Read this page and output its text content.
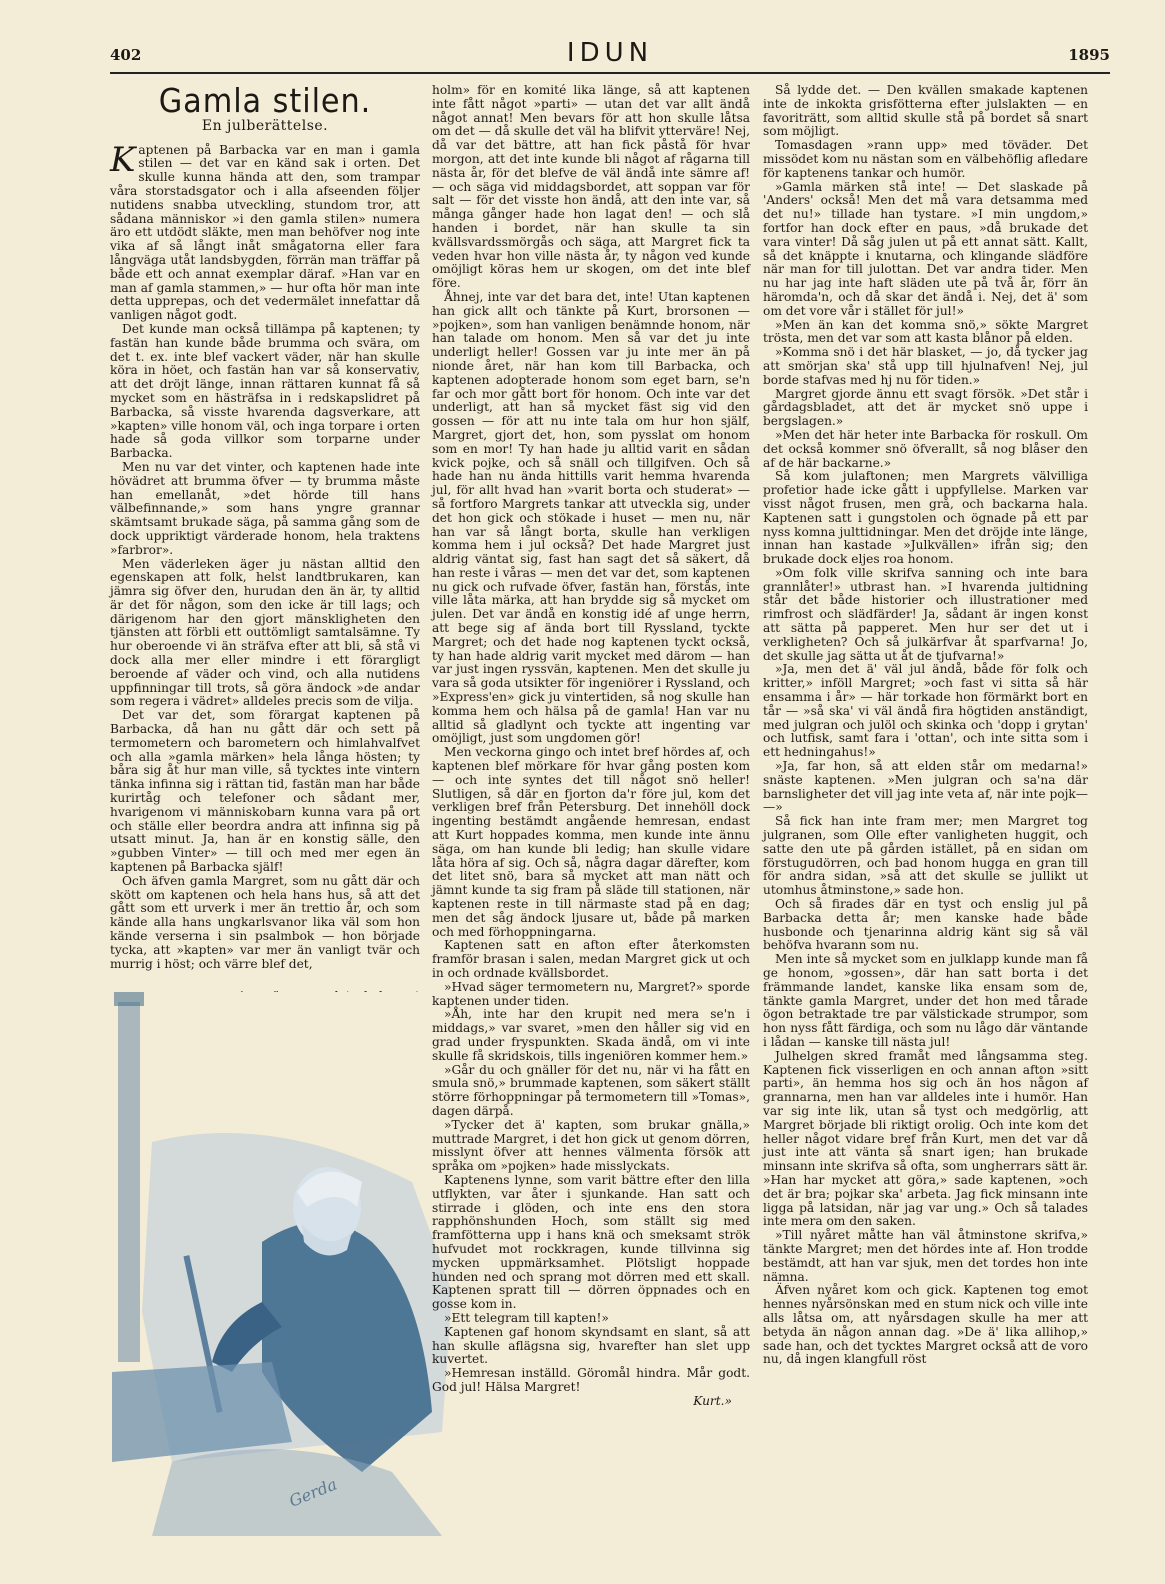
402	IDUN	1895
Gamla stilen.
En julberättelse.

Kaptenen på Barbacka var en man i gamla stilen — det var en känd sak i orten. Det skulle kunna hända att den, som trampar våra storstadsgator och i alla afseenden följer nutidens snabba utveckling, stundom tror, att sådana människor »i den gamla stilen» numera äro ett utdödt släkte, men man behöfver nog inte vika af så långt inåt smågatorna eller fara långväga utåt landsbygden, förrän man träffar på både ett och annat exemplar däraf. »Han var en man af gamla stammen,» — hur ofta hör man inte detta upprepas, och det vedermälet innefattar då vanligen något godt.

Det kunde man också tillämpa på kaptenen; ty fastän han kunde både brumma och svära, om det t. ex. inte blef vackert väder, när han skulle köra in höet, och fastän han var så konservativ, att det dröjt länge, innan rättaren kunnat få så mycket som en hästräfsa in i redskapslidret på Barbacka, så visste hvarenda dagsverkare, att »kapten» ville honom väl, och inga torpare i orten hade så goda villkor som torparne under Barbacka.

Men nu var det vinter, och kaptenen hade inte hövädret att brumma öfver — ty brumma måste han emellanåt, »det hörde till hans välbefinnande,» som hans yngre grannar skämtsamt brukade säga, på samma gång som de dock uppriktigt värderade honom, hela traktens »farbror».

Men väderleken äger ju nästan alltid den egenskapen att folk, helst landtbrukaren, kan jämra sig öfver den, hurudan den än är, ty alltid är det för någon, som den icke är till lags; och därigenom har den gjort mänskligheten den tjänsten att förbli ett outtömligt samtalsämne. Ty hur oberoende vi än sträfva efter att bli, så stå vi dock alla mer eller mindre i ett förargligt beroende af väder och vind, och alla nutidens uppfinningar till trots, så göra ändock »de andar som regera i vädret» alldeles precis som de vilja.

Det var det, som förargat kaptenen på Barbacka, då han nu gått där och sett på termometern och barometern och himlahvalfvet och alla »gamla märken» hela långa hösten; ty båra sig åt hur man ville, så tycktes inte vintern tänka infinna sig i rättan tid, fastän man har både kurirtåg och telefoner och sådant mer, hvarigenom vi människobarn kunna vara på ort och ställe eller beordra andra att infinna sig på utsatt minut. Ja, han är en konstig sälle, den »gubben Vinter» — till och med mer egen än kaptenen på Barbacka själf!

Och äfven gamla Margret, som nu gått där och skött om kaptenen och hela hans hus, så att det gått som ett urverk i mer än trettio år, och som kände alla hans ungkarlsvanor lika väl som hon kände verserna i sin psalmbok — hon började tycka, att »kapten» var mer än vanligt tvär och murrig i höst; och värre blef det,

Gerda

holm» för en komité lika länge, så att kaptenen inte fått något »parti» — utan det var allt ändå något annat! Men bevars för att hon skulle låtsa om det — då skulle det väl ha blifvit ytterväre! Nej, då var det bättre, att han fick påstå för hvar morgon, att det inte kunde bli något af rågarna till nästa år, för det blefve de väl ändå inte sämre af! — och säga vid middagsbordet, att soppan var för salt — för det visste hon ändå, att den inte var, så många gånger hade hon lagat den! — och slå handen i bordet, när han skulle ta sin kvällsvardssmörgås och säga, att Margret fick ta veden hvar hon ville nästa år, ty någon ved kunde omöjligt köras hem ur skogen, om det inte blef före.

Åhnej, inte var det bara det, inte! Utan kaptenen han gick allt och tänkte på Kurt, brorsonen — »pojken», som han vanligen benämnde honom, när han talade om honom. Men så var det ju inte underligt heller! Gossen var ju inte mer än på nionde året, när han kom till Barbacka, och kaptenen adopterade honom som eget barn, se'n far och mor gått bort för honom. Och inte var det underligt, att han så mycket fäst sig vid den gossen — för att nu inte tala om hur hon själf, Margret, gjort det, hon, som pysslat om honom som en mor! Ty han hade ju alltid varit en sådan kvick pojke, och så snäll och tillgifven. Och så hade han nu ända hittills varit hemma hvarenda jul, för allt hvad han »varit borta och studerat» — så fortforo Margrets tankar att utveckla sig, under det hon gick och stökade i huset — men nu, när han var så långt borta, skulle han verkligen komma hem i jul också? Det hade Margret just aldrig väntat sig, fast han sagt det så säkert, då han reste i våras — men det var det, som kaptenen nu gick och rufvade öfver, fastän han, förstås, inte ville låta märka, att han brydde sig så mycket om julen. Det var ändå en konstig idé af unge herrn, att bege sig af ända bort till Ryssland, tyckte Margret; och det hade nog kaptenen tyckt också, ty han hade aldrig varit mycket med därom — han var just ingen ryssvän, kaptenen. Men det skulle ju vara så goda utsikter för ingeniörer i Ryssland, och »Express'en» gick ju vintertiden, så nog skulle han komma hem och hälsa på de gamla! Han var nu alltid så gladlynt och tyckte att ingenting var omöjligt, just som ungdomen gör!

Men veckorna gingo och intet bref hördes af, och kaptenen blef mörkare för hvar gång posten kom — och inte syntes det till något snö heller! Slutligen, så där en fjorton da'r före jul, kom det verkligen bref från Petersburg. Det innehöll dock ingenting bestämdt angående hemresan, endast att Kurt hoppades komma, men kunde inte ännu säga, om han kunde bli ledig; han skulle vidare låta höra af sig. Och så, några dagar därefter, kom det litet snö, bara så mycket att man nätt och jämnt kunde ta sig fram på släde till stationen, när kaptenen reste in till närmaste stad på en dag; men det såg ändock ljusare ut, både på marken och med förhoppningarna.

Kaptenen satt en afton efter återkomsten framför brasan i salen, medan Margret gick ut och in och ordnade kvällsbordet.

»Hvad säger termometern nu, Margret?» sporde kaptenen under tiden.

»Åh, inte har den krupit ned mera se'n i middags,» var svaret, »men den håller sig vid en grad under fryspunkten. Skada ändå, om vi inte skulle få skridskois, tills ingeniören kommer hem.»

»Går du och gnäller för det nu, när vi ha fått en smula snö,» brummade kaptenen, som säkert ställt större förhoppningar på termometern till »Tomas», dagen därpå.

»Tycker det ä' kapten, som brukar gnälla,» muttrade Margret, i det hon gick ut genom dörren, misslynt öfver att hennes välmenta försök att språka om »pojken» hade misslyckats.

Kaptenens lynne, som varit bättre efter den lilla utflykten, var åter i sjunkande. Han satt och stirrade i glöden, och inte ens den stora rapphönshunden Hoch, som ställt sig med framfötterna upp i hans knä och smeksamt strök hufvudet mot rockkragen, kunde tillvinna sig mycken uppmärksamhet. Plötsligt hoppade hunden ned och sprang mot dörren med ett skall. Kaptenen spratt till — dörren öppnades och en gosse kom in.

»Ett telegram till kapten!»

Kaptenen gaf honom skyndsamt en slant, så att han skulle aflägsna sig, hvarefter han slet upp kuvertet.

»Hemresan inställd. Göromål hindra. Mår godt. God jul! Hälsa Margret!

Kurt.»

Så lydde det. — Den kvällen smakade kaptenen inte de inkokta grisfötterna efter julslakten — en favoriträtt, som alltid skulle stå på bordet så snart som möjligt.

Tomasdagen »rann upp» med töväder. Det missödet kom nu nästan som en välbehöflig afledare för kaptenens tankar och humör.

»Gamla märken stå inte! — Det slaskade på 'Anders' också! Men det må vara detsamma med det nu!» tillade han tystare. »I min ungdom,» fortfor han dock efter en paus, »då brukade det vara vinter! Då såg julen ut på ett annat sätt. Kallt, så det knäppte i knutarna, och klingande slädföre när man for till julottan. Det var andra tider. Men nu har jag inte haft släden ute på två år, förr än häromda'n, och då skar det ändå i. Nej, det ä' som om det vore vår i stället för jul!»

»Men än kan det komma snö,» sökte Margret trösta, men det var som att kasta blånor på elden.

»Komma snö i det här blasket, — jo, då tycker jag att smörjan ska' stå upp till hjulnafven! Nej, jul borde stafvas med hj nu för tiden.»

Margret gjorde ännu ett svagt försök. »Det står i gårdagsbladet, att det är mycket snö uppe i bergslagen.»

»Men det här heter inte Barbacka för roskull. Om det också kommer snö öfverallt, så nog blåser den af de här backarne.»

Så kom julaftonen; men Margrets välvilliga profetior hade icke gått i uppfyllelse. Marken var visst något frusen, men grå, och backarna hala. Kaptenen satt i gungstolen och ögnade på ett par nyss komna julttidningar. Men det dröjde inte länge, innan han kastade »Julkvällen» ifrån sig; den brukade dock eljes roa honom.

»Om folk ville skrifva sanning och inte bara grannlåter!» utbrast han. »I hvarenda jultidning står det både historier och illustrationer med rimfrost och slädfärder! Ja, sådant är ingen konst att sätta på papperet. Men hur ser det ut i verkligheten? Och så julkärfvar åt sparfvarna! Jo, det skulle jag sätta ut åt de tjufvarna!»

»Ja, men det ä' väl jul ändå, både för folk och kritter,» inföll Margret; »och fast vi sitta så här ensamma i år» — här torkade hon förmärkt bort en tår — »så ska' vi väl ändå fira högtiden anständigt, med julgran och julöl och skinka och 'dopp i grytan' och lutfisk, samt fara i 'ottan', och inte sitta som i ett hedningahus!»

»Ja, far hon, så att elden står om medarna!» snäste kaptenen. »Men julgran och sa'na där barnsligheter det vill jag inte veta af, när inte pojk— —»

Så fick han inte fram mer; men Margret tog julgranen, som Olle efter vanligheten huggit, och satte den ute på gården istället, på en sidan om förstugudörren, och bad honom hugga en gran till för andra sidan, »så att det skulle se jullikt ut utomhus åtminstone,» sade hon.

Och så firades där en tyst och enslig jul på Barbacka detta år; men kanske hade både husbonde och tjenarinna aldrig känt sig så väl behöfva hvarann som nu.

Men inte så mycket som en julklapp kunde man få ge honom, »gossen», där han satt borta i det främmande landet, kanske lika ensam som de, tänkte gamla Margret, under det hon med tårade ögon betraktade tre par välstickade strumpor, som hon nyss fått färdiga, och som nu lågo där väntande i lådan — kanske till nästa jul!

Julhelgen skred framåt med långsamma steg. Kaptenen fick visserligen en och annan afton »sitt parti», än hemma hos sig och än hos någon af grannarna, men han var alldeles inte i humör. Han var sig inte lik, utan så tyst och medgörlig, att Margret började bli riktigt orolig. Och inte kom det heller något vidare bref från Kurt, men det var då just inte att vänta så snart igen; han brukade minsann inte skrifva så ofta, som ungherrars sätt är. »Han har mycket att göra,» sade kaptenen, »och det är bra; pojkar ska' arbeta. Jag fick minsann inte ligga på latsidan, när jag var ung.» Och så talades inte mera om den saken.

»Till nyåret måtte han väl åtminstone skrifva,» tänkte Margret; men det hördes inte af. Hon trodde bestämdt, att han var sjuk, men det tordes hon inte nämna.

Äfven nyåret kom och gick. Kaptenen tog emot hennes nyårsönskan med en stum nick och ville inte alls låtsa om, att nyårsdagen skulle ha mer att betyda än någon annan dag. »De ä' lika allihop,» sade han, och det tycktes Margret också att de voro nu, då ingen klangfull röst
